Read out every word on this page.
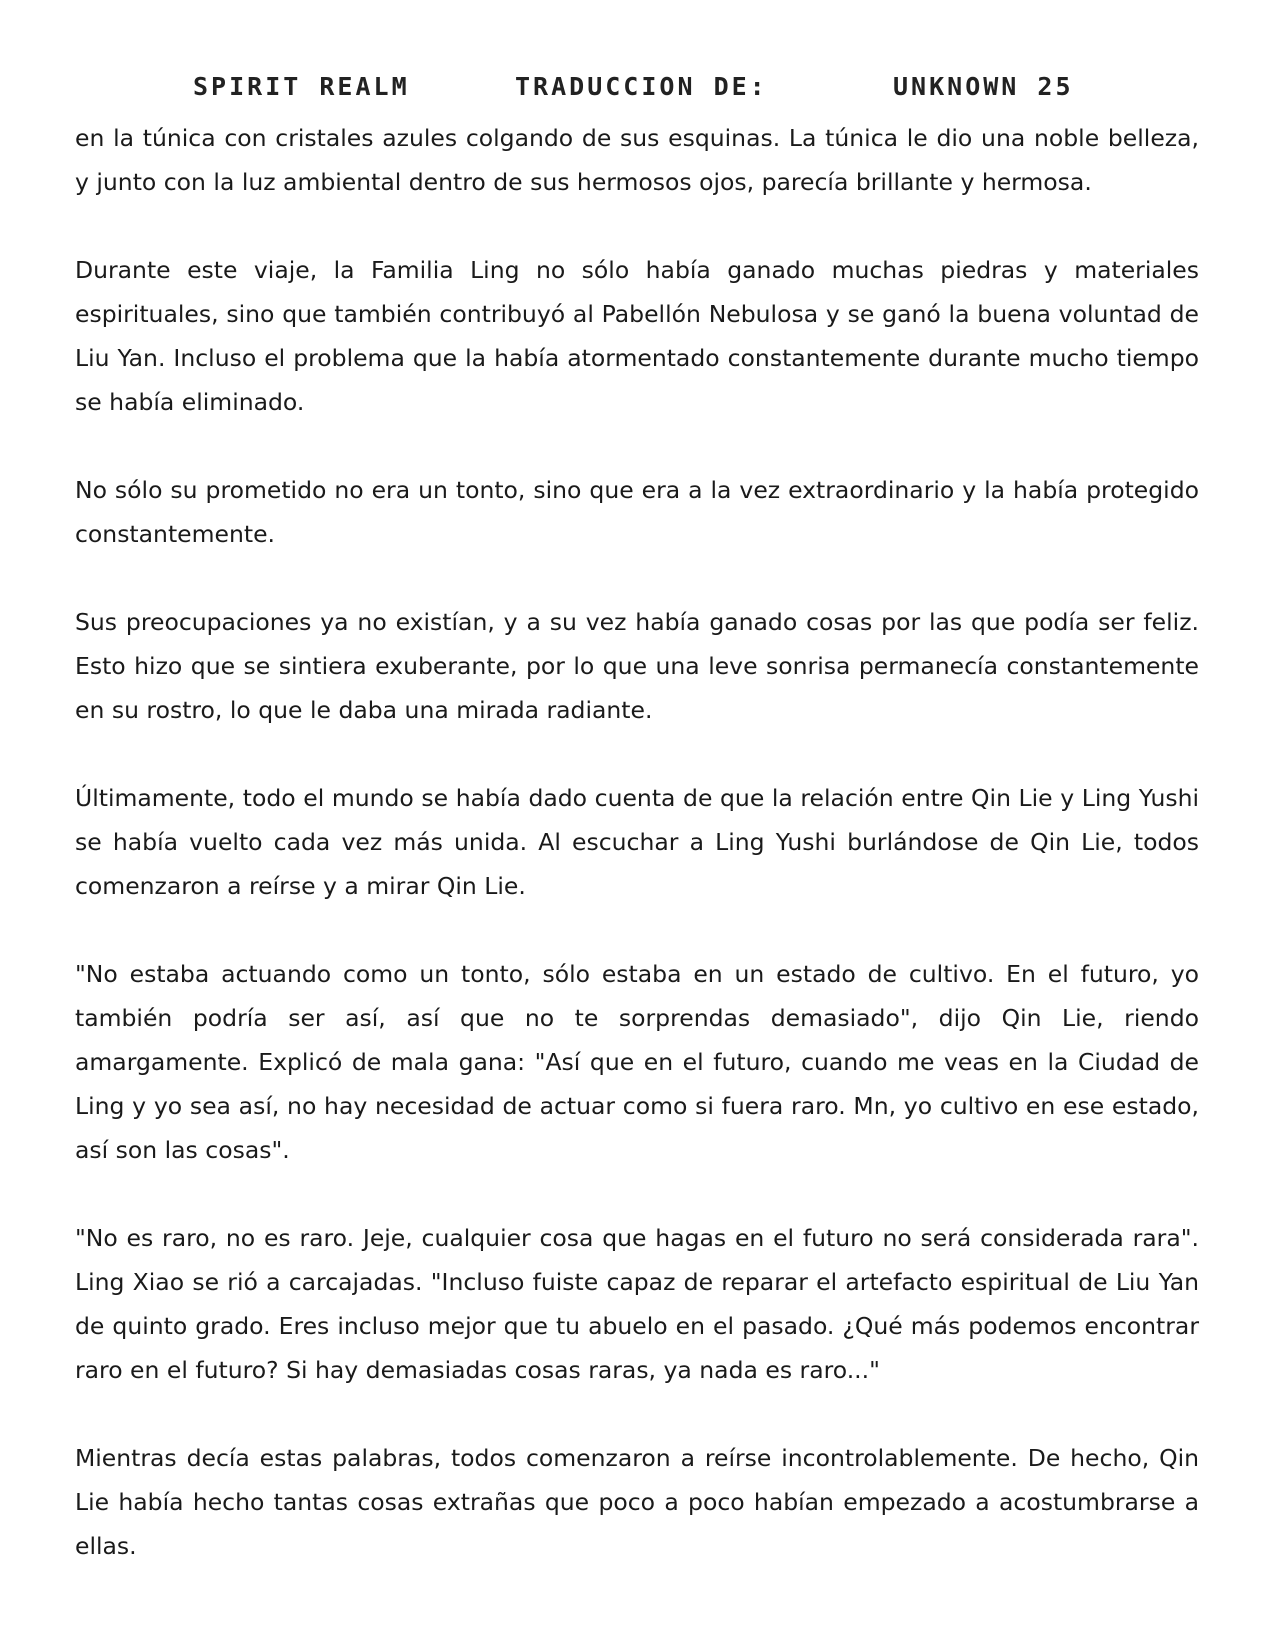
SPIRIT REALM	TRADUCCION DE:	UNKNOWN 25

en la túnica con cristales azules colgando de sus esquinas. La túnica le dio una noble belleza, y junto con la luz ambiental dentro de sus hermosos ojos, parecía brillante y hermosa.

Durante este viaje, la Familia Ling no sólo había ganado muchas piedras y materiales espirituales, sino que también contribuyó al Pabellón Nebulosa y se ganó la buena voluntad de Liu Yan. Incluso el problema que la había atormentado constantemente durante mucho tiempo se había eliminado.

No sólo su prometido no era un tonto, sino que era a la vez extraordinario y la había protegido constantemente.

Sus preocupaciones ya no existían, y a su vez había ganado cosas por las que podía ser feliz. Esto hizo que se sintiera exuberante, por lo que una leve sonrisa permanecía constantemente en su rostro, lo que le daba una mirada radiante.

Últimamente, todo el mundo se había dado cuenta de que la relación entre Qin Lie y Ling Yushi se había vuelto cada vez más unida. Al escuchar a Ling Yushi burlándose de Qin Lie, todos comenzaron a reírse y a mirar Qin Lie.

"No estaba actuando como un tonto, sólo estaba en un estado de cultivo. En el futuro, yo también podría ser así, así que no te sorprendas demasiado", dijo Qin Lie, riendo amargamente. Explicó de mala gana: "Así que en el futuro, cuando me veas en la Ciudad de Ling y yo sea así, no hay necesidad de actuar como si fuera raro. Mn, yo cultivo en ese estado, así son las cosas".

"No es raro, no es raro. Jeje, cualquier cosa que hagas en el futuro no será considerada rara". Ling Xiao se rió a carcajadas. "Incluso fuiste capaz de reparar el artefacto espiritual de Liu Yan de quinto grado. Eres incluso mejor que tu abuelo en el pasado. ¿Qué más podemos encontrar raro en el futuro? Si hay demasiadas cosas raras, ya nada es raro..."

Mientras decía estas palabras, todos comenzaron a reírse incontrolablemente. De hecho, Qin Lie había hecho tantas cosas extrañas que poco a poco habían empezado a acostumbrarse a ellas.
